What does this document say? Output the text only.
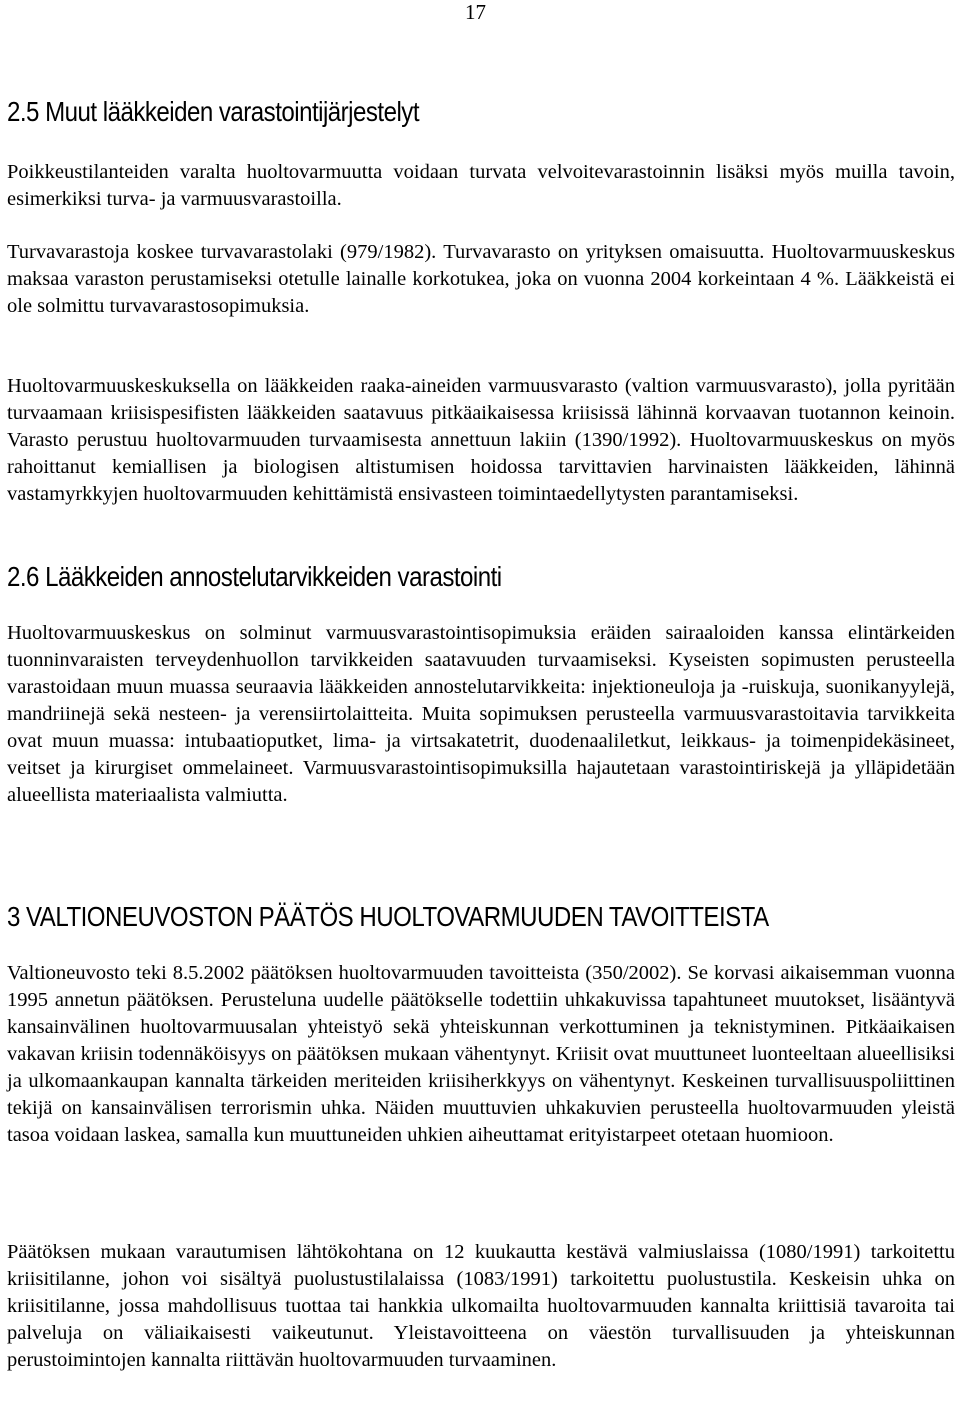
17
2.5 Muut lääkkeiden varastointijärjestelyt

Poikkeustilanteiden varalta huoltovarmuutta voidaan turvata velvoitevarastoinnin lisäksi myös muilla tavoin, esimerkiksi turva- ja varmuusvarastoilla.

Turvavarastoja koskee turvavarastolaki (979/1982). Turvavarasto on yrityksen omaisuutta. Huoltovarmuuskeskus maksaa varaston perustamiseksi otetulle lainalle korkotukea, joka on vuonna 2004 korkeintaan 4 %. Lääkkeistä ei ole solmittu turvavarastosopimuksia.

Huoltovarmuuskeskuksella on lääkkeiden raaka-aineiden varmuusvarasto (valtion varmuusvarasto), jolla pyritään turvaamaan kriisispesifisten lääkkeiden saatavuus pitkäaikaisessa kriisissä lähinnä korvaavan tuotannon keinoin. Varasto perustuu huoltovarmuuden turvaamisesta annettuun lakiin (1390/1992). Huoltovarmuuskeskus on myös rahoittanut kemiallisen ja biologisen altistumisen hoidossa tarvittavien harvinaisten lääkkeiden, lähinnä vastamyrkkyjen huoltovarmuuden kehittämistä ensivasteen toimintaedellytysten parantamiseksi.

2.6 Lääkkeiden annostelutarvikkeiden varastointi

Huoltovarmuuskeskus on solminut varmuusvarastointisopimuksia eräiden sairaaloiden kanssa elintärkeiden tuonninvaraisten terveydenhuollon tarvikkeiden saatavuuden turvaamiseksi. Kyseisten sopimusten perusteella varastoidaan muun muassa seuraavia lääkkeiden annostelutarvikkeita: injektioneuloja ja -ruiskuja, suonikanyylejä, mandriinejä sekä nesteen- ja verensiirtolaitteita. Muita sopimuksen perusteella varmuusvarastoitavia tarvikkeita ovat muun muassa: intubaatioputket, lima- ja virtsakatetrit, duodenaaliletkut, leikkaus- ja toimenpidekäsineet, veitset ja kirurgiset ommelaineet. Varmuusvarastointisopimuksilla hajautetaan varastointiriskejä ja ylläpidetään alueellista materiaalista valmiutta.

3 VALTIONEUVOSTON PÄÄTÖS HUOLTOVARMUUDEN TAVOITTEISTA

Valtioneuvosto teki 8.5.2002 päätöksen huoltovarmuuden tavoitteista (350/2002). Se korvasi aikaisemman vuonna 1995 annetun päätöksen. Perusteluna uudelle päätökselle todettiin uhkakuvissa tapahtuneet muutokset, lisääntyvä kansainvälinen huoltovarmuusalan yhteistyö sekä yhteiskunnan verkottuminen ja teknistyminen. Pitkäaikaisen vakavan kriisin todennäköisyys on päätöksen mukaan vähentynyt. Kriisit ovat muuttuneet luonteeltaan alueellisiksi ja ulkomaankaupan kannalta tärkeiden meriteiden kriisiherkkyys on vähentynyt. Keskeinen turvallisuuspoliittinen tekijä on kansainvälisen terrorismin uhka. Näiden muuttuvien uhkakuvien perusteella huoltovarmuuden yleistä tasoa voidaan laskea, samalla kun muuttuneiden uhkien aiheuttamat erityistarpeet otetaan huomioon.

Päätöksen mukaan varautumisen lähtökohtana on 12 kuukautta kestävä valmiuslaissa (1080/1991) tarkoitettu kriisitilanne, johon voi sisältyä puolustustilalaissa (1083/1991) tarkoitettu puolustustila. Keskeisin uhka on kriisitilanne, jossa mahdollisuus tuottaa tai hankkia ulkomailta huoltovarmuuden kannalta kriittisiä tavaroita tai palveluja on väliaikaisesti vaikeutunut. Yleistavoitteena on väestön turvallisuuden ja yhteiskunnan perustoimintojen kannalta riittävän huoltovarmuuden turvaaminen.
